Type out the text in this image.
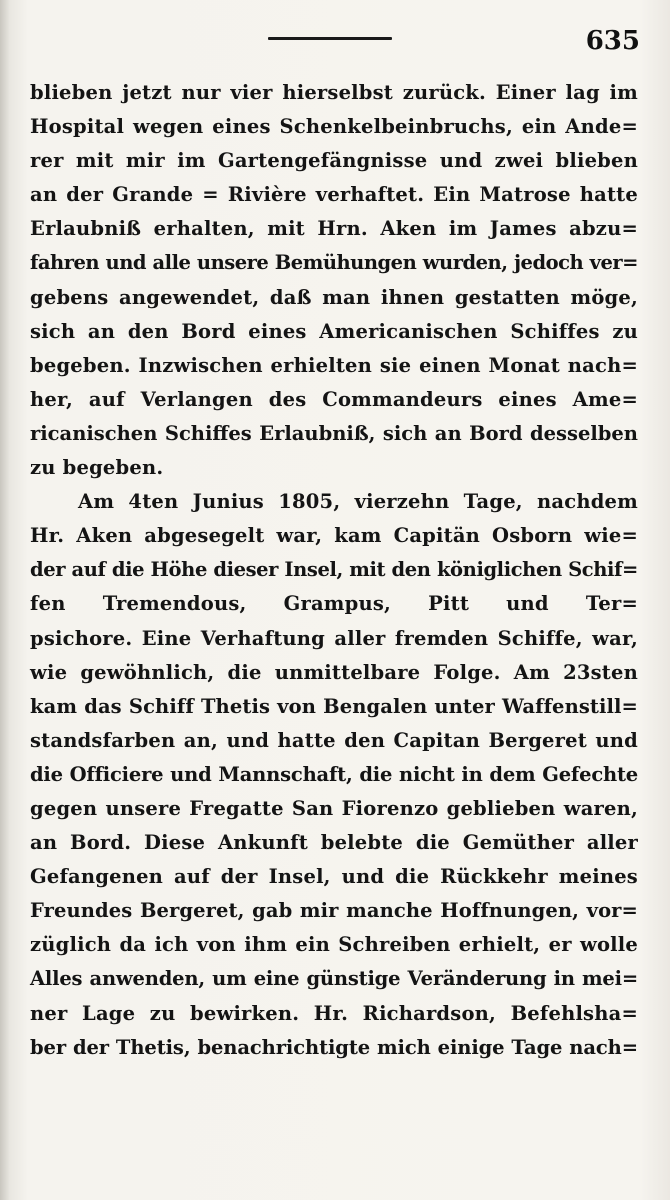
635
blieben jetzt nur vier hierselbst zurück. Einer lag im
Hospital wegen eines Schenkelbeinbruchs, ein Ande=
rer mit mir im Gartengefängnisse und zwei blieben
an der Grande = Rivière verhaftet. Ein Matrose hatte
Erlaubniß erhalten, mit Hrn. Aken im James abzu=
fahren und alle unsere Bemühungen wurden, jedoch ver=
gebens angewendet, daß man ihnen gestatten möge,
sich an den Bord eines Americanischen Schiffes zu
begeben. Inzwischen erhielten sie einen Monat nach=
her, auf Verlangen des Commandeurs eines Ame=
ricanischen Schiffes Erlaubniß, sich an Bord desselben
zu begeben.
Am 4ten Junius 1805, vierzehn Tage, nachdem
Hr. Aken abgesegelt war, kam Capitän Osborn wie=
der auf die Höhe dieser Insel, mit den königlichen Schif=
fen Tremendous, Grampus, Pitt und Ter=
psichore. Eine Verhaftung aller fremden Schiffe, war,
wie gewöhnlich, die unmittelbare Folge. Am 23sten
kam das Schiff Thetis von Bengalen unter Waffenstill=
standsfarben an, und hatte den Capitan Bergeret und
die Officiere und Mannschaft, die nicht in dem Gefechte
gegen unsere Fregatte San Fiorenzo geblieben waren,
an Bord. Diese Ankunft belebte die Gemüther aller
Gefangenen auf der Insel, und die Rückkehr meines
Freundes Bergeret, gab mir manche Hoffnungen, vor=
züglich da ich von ihm ein Schreiben erhielt, er wolle
Alles anwenden, um eine günstige Veränderung in mei=
ner Lage zu bewirken. Hr. Richardson, Befehlsha=
ber der Thetis, benachrichtigte mich einige Tage nach=
